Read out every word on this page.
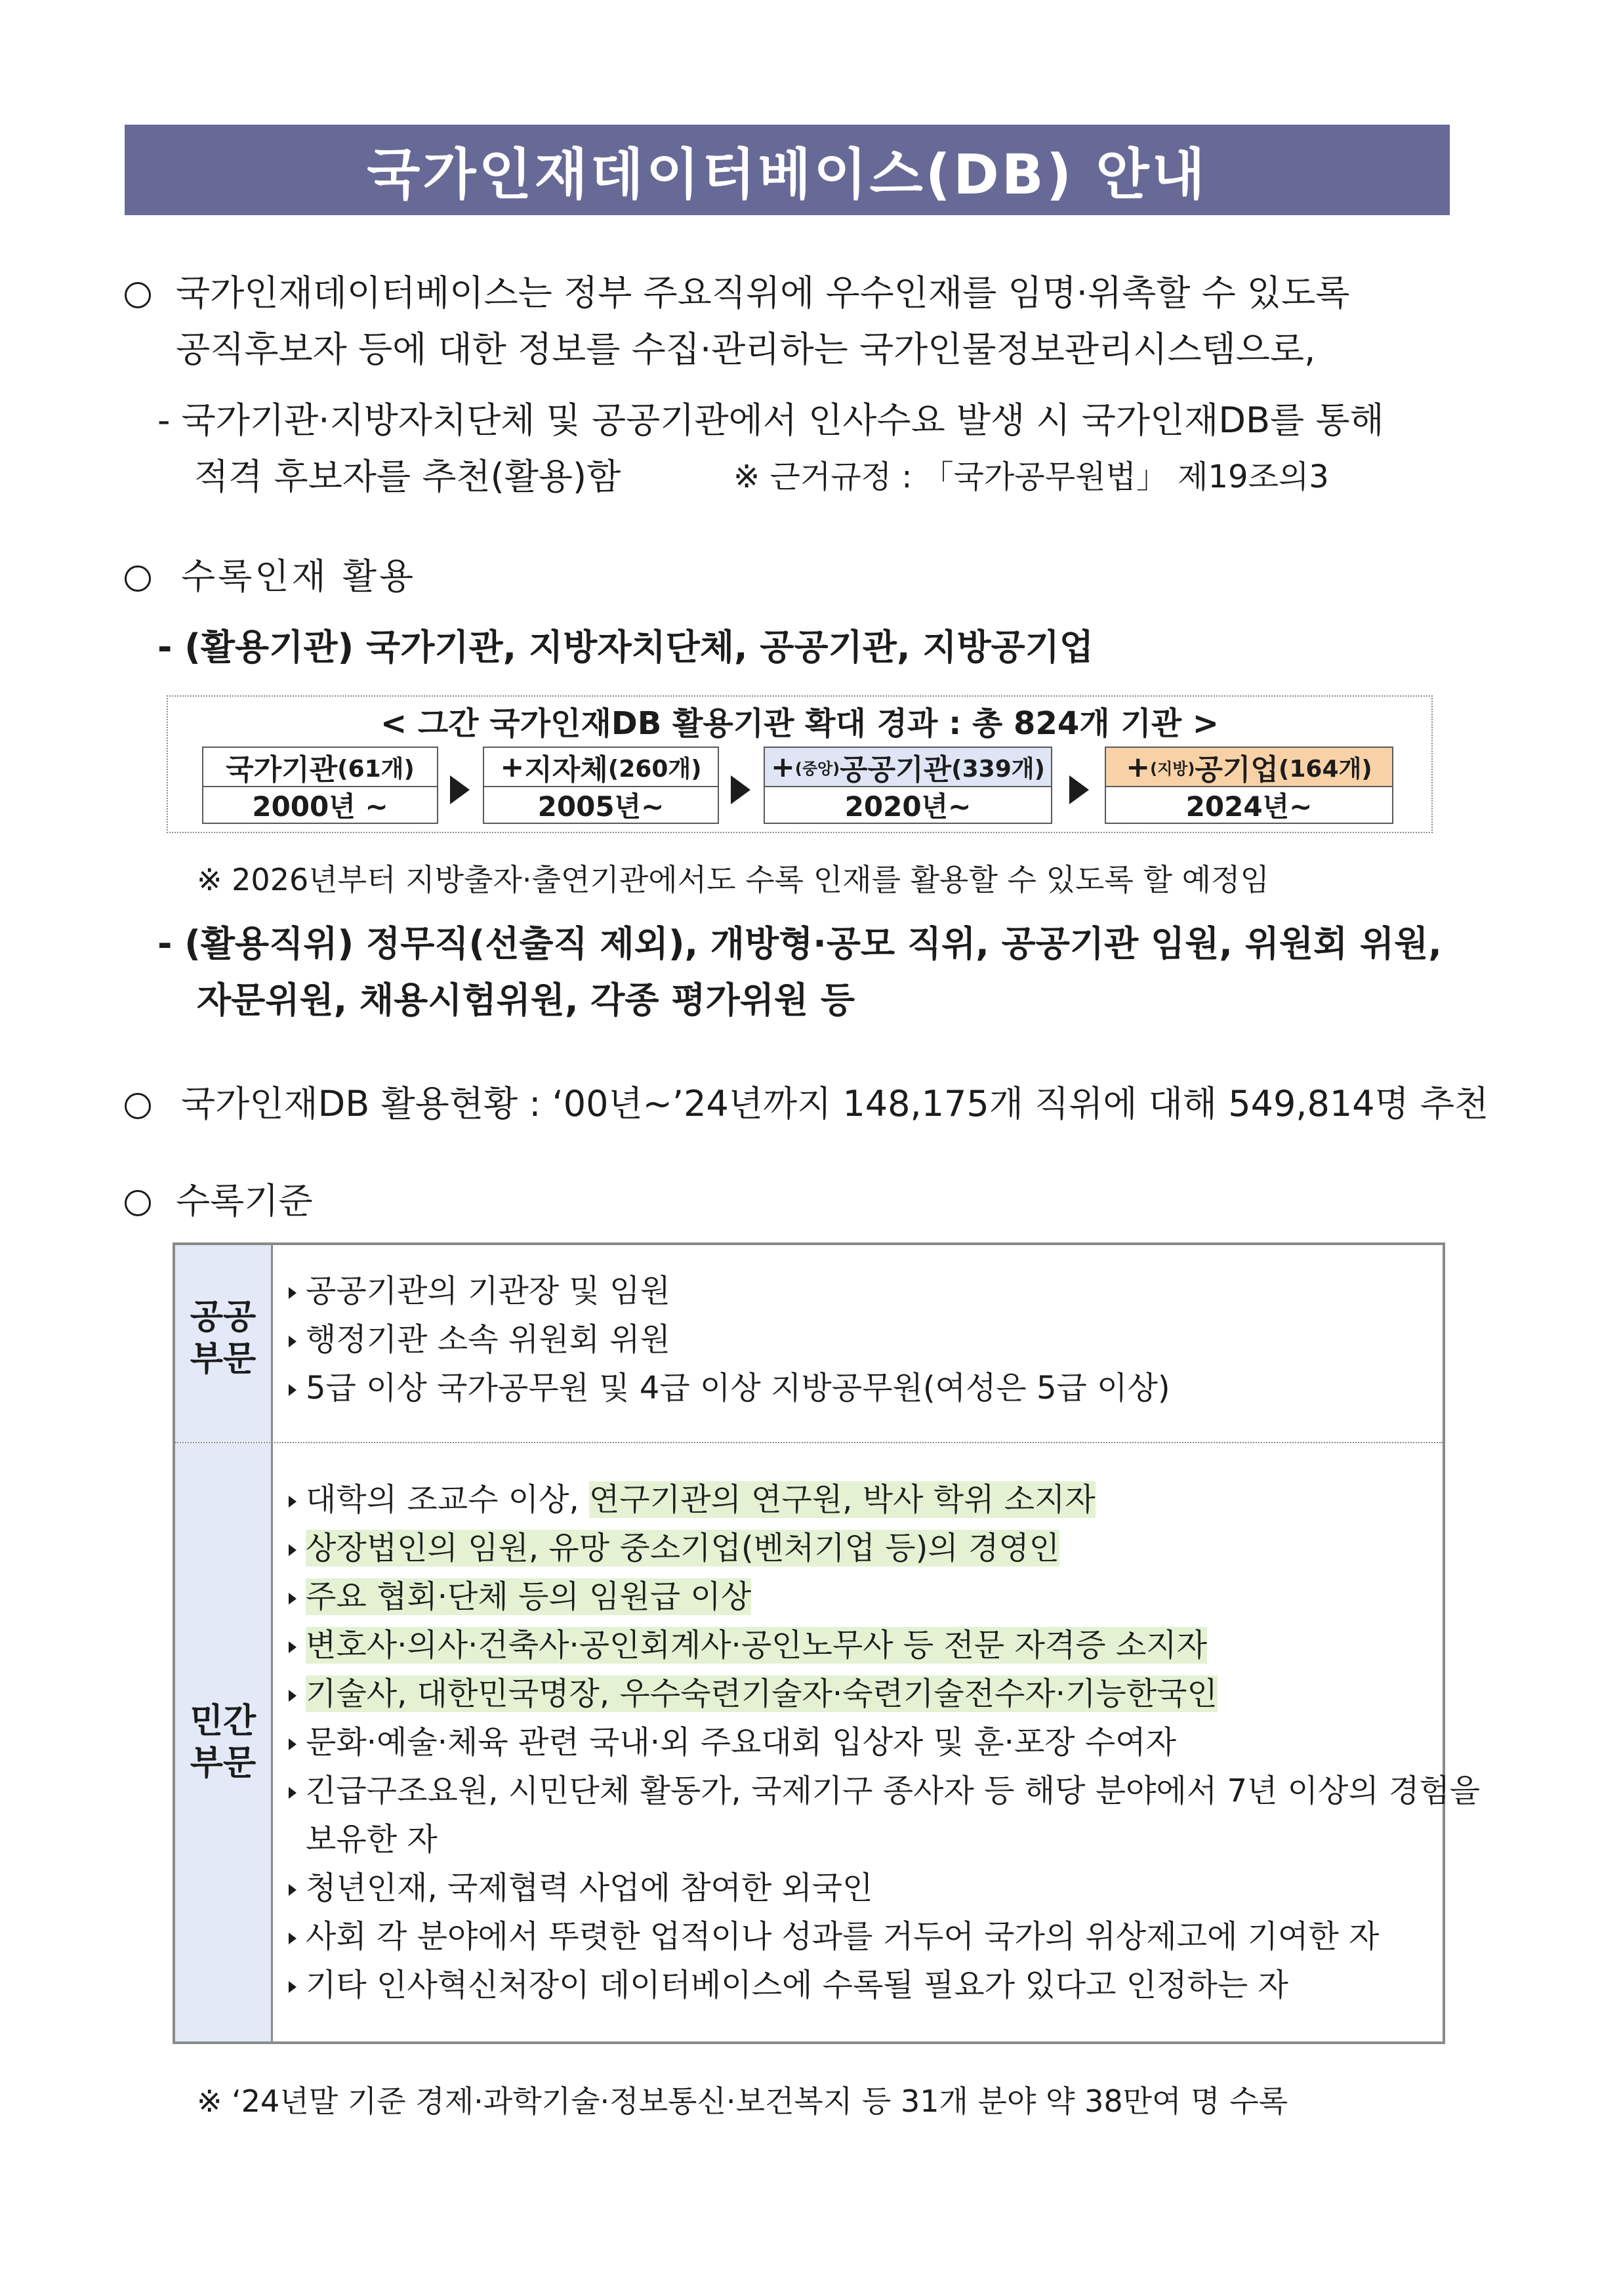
국가인재데이터베이스(DB) 안내
국가인재데이터베이스는 정부 주요직위에 우수인재를 임명·위촉할 수 있도록
공직후보자 등에 대한 정보를 수집·관리하는 국가인물정보관리시스템으로,
- 국가기관·지방자치단체 및 공공기관에서 인사수요 발생 시 국가인재DB를 통해
적격 후보자를 추천(활용)함	※ 근거규정 : 「국가공무원법」 제19조의3
수록인재 활용
- (활용기관) 국가기관, 지방자치단체, 공공기관, 지방공기업
< 그간 국가인재DB 활용기관 확대 경과 : 총 824개 기관 >
국가기관 (61개)
2000년 ~
+ 지자체 (260개)
2005년~
+ (중앙) 공공기관 (339개)
2020년~
+ (지방) 공기업 (164개)
2024년~
※ 2026년부터 지방출자·출연기관에서도 수록 인재를 활용할 수 있도록 할 예정임
- (활용직위) 정무직(선출직 제외), 개방형·공모 직위, 공공기관 임원, 위원회 위원,
자문위원, 채용시험위원, 각종 평가위원 등
국가인재DB 활용현황 : ‘00년~’24년까지 148,175개 직위에 대해 549,814명 추천
수록기준
공공
부문
민간
부문
공공기관의 기관장 및 임원
행정기관 소속 위원회 위원
5급 이상 국가공무원 및 4급 이상 지방공무원(여성은 5급 이상)
대학의 조교수 이상, 연구기관의 연구원, 박사 학위 소지자
상장법인의 임원, 유망 중소기업(벤처기업 등)의 경영인
주요 협회·단체 등의 임원급 이상
변호사·의사·건축사·공인회계사·공인노무사 등 전문 자격증 소지자
기술사, 대한민국명장, 우수숙련기술자·숙련기술전수자·기능한국인
문화·예술·체육 관련 국내·외 주요대회 입상자 및 훈·포장 수여자
긴급구조요원, 시민단체 활동가, 국제기구 종사자 등 해당 분야에서 7년 이상의 경험을
보유한 자
청년인재, 국제협력 사업에 참여한 외국인
사회 각 분야에서 뚜렷한 업적이나 성과를 거두어 국가의 위상제고에 기여한 자
기타 인사혁신처장이 데이터베이스에 수록될 필요가 있다고 인정하는 자
※ ‘24년말 기준 경제·과학기술·정보통신·보건복지 등 31개 분야 약 38만여 명 수록
